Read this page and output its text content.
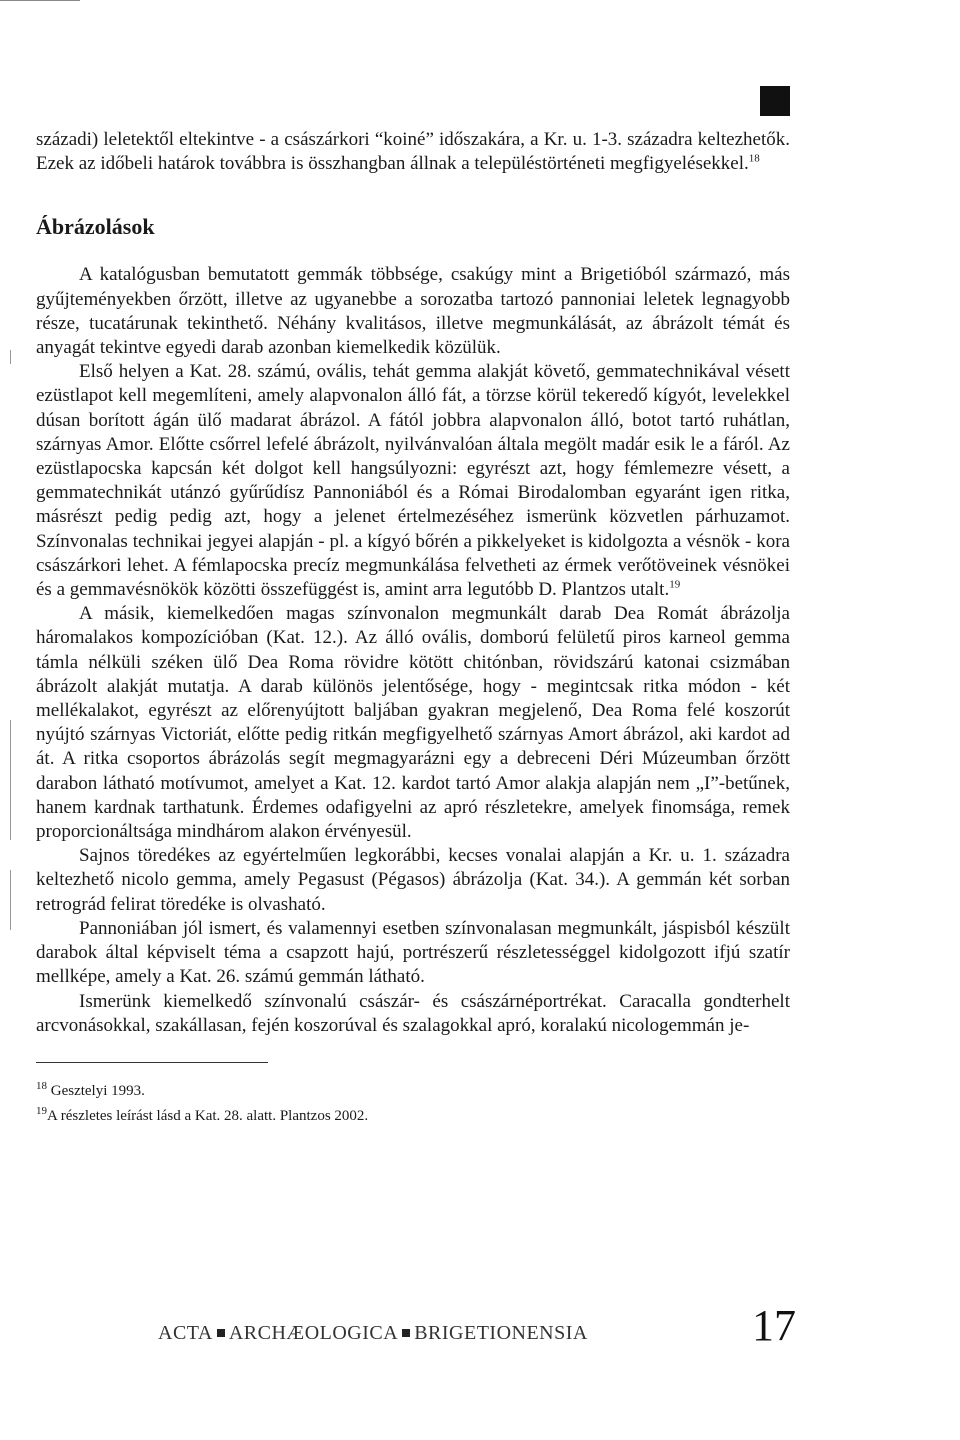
századi) leletektől eltekintve - a császárkori “koiné” időszakára, a Kr. u. 1-3. századra keltezhetők. Ezek az időbeli határok továbbra is összhangban állnak a településtörténeti megfigyelésekkel.$^{18}$

Ábrázolások

A katalógusban bemutatott gemmák többsége, csakúgy mint a Brigetióból származó, más gyűjteményekben őrzött, illetve az ugyanebbe a sorozatba tartozó pannoniai leletek legnagyobb része, tucatárunak tekinthető. Néhány kvalitásos, illetve megmunkálását, az ábrázolt témát és anyagát tekintve egyedi darab azonban kiemelkedik közülük.

Első helyen a Kat. 28. számú, ovális, tehát gemma alakját követő, gemmatechnikával vésett ezüstlapot kell megemlíteni, amely alapvonalon álló fát, a törzse körül tekeredő kígyót, levelekkel dúsan borított ágán ülő madarat ábrázol. A fától jobbra alapvonalon álló, botot tartó ruhátlan, szárnyas Amor. Előtte csőrrel lefelé ábrázolt, nyilvánvalóan általa megölt madár esik le a fáról. Az ezüstlapocska kapcsán két dolgot kell hangsúlyozni: egyrészt azt, hogy fémlemezre vésett, a gemmatechnikát utánzó gyűrűdísz Pannoniából és a Római Birodalomban egyaránt igen ritka, másrészt pedig pedig azt, hogy a jelenet értelmezéséhez ismerünk közvetlen párhuzamot. Színvonalas technikai jegyei alapján - pl. a kígyó bőrén a pikkelyeket is kidolgozta a vésnök - kora császárkori lehet. A fémlapocska precíz megmunkálása felvetheti az érmek verőtöveinek vésnökei és a gemmavésnökök közötti összefüggést is, amint arra legutóbb D. Plantzos utalt.$^{19}$

A másik, kiemelkedően magas színvonalon megmunkált darab Dea Romát ábrázolja háromalakos kompozícióban (Kat. 12.). Az álló ovális, domború felületű piros karneol gemma támla nélküli széken ülő Dea Roma rövidre kötött chitónban, rövidszárú katonai csizmában ábrázolt alakját mutatja. A darab különös jelentősége, hogy - megintcsak ritka módon - két mellékalakot, egyrészt az előrenyújtott baljában gyakran megjelenő, Dea Roma felé koszorút nyújtó szárnyas Victoriát, előtte pedig ritkán megfigyelhető szárnyas Amort ábrázol, aki kardot ad át. A ritka csoportos ábrázolás segít megmagyarázni egy a debreceni Déri Múzeumban őrzött darabon látható motívumot, amelyet a Kat. 12. kardot tartó Amor alakja alapján nem „I”-betűnek, hanem kardnak tarthatunk. Érdemes odafigyelni az apró részletekre, amelyek finomsága, remek proporcionáltsága mindhárom alakon érvényesül.

Sajnos töredékes az egyértelműen legkorábbi, kecses vonalai alapján a Kr. u. 1. századra keltezhető nicolo gemma, amely Pegasust (Pégasos) ábrázolja (Kat. 34.). A gemmán két sorban retrográd felirat töredéke is olvasható.

Pannoniában jól ismert, és valamennyi esetben színvonalasan megmunkált, jáspisból készült darabok által képviselt téma a csapzott hajú, portrészerű részletességgel kidolgozott ifjú szatír mellképe, amely a Kat. 26. számú gemmán látható.

Ismerünk kiemelkedő színvonalú császár- és császárnéportrékat. Caracalla gondterhelt arcvonásokkal, szakállasan, fején koszorúval és szalagokkal apró, koralakú nicologemmán je-

$^{18}$ Gesztelyi 1993.
$^{19}$A részletes leírást lásd a Kat. 28. alatt. Plantzos 2002.
ACTA ARCHÆOLOGICA BRIGETIONENSIA	17
